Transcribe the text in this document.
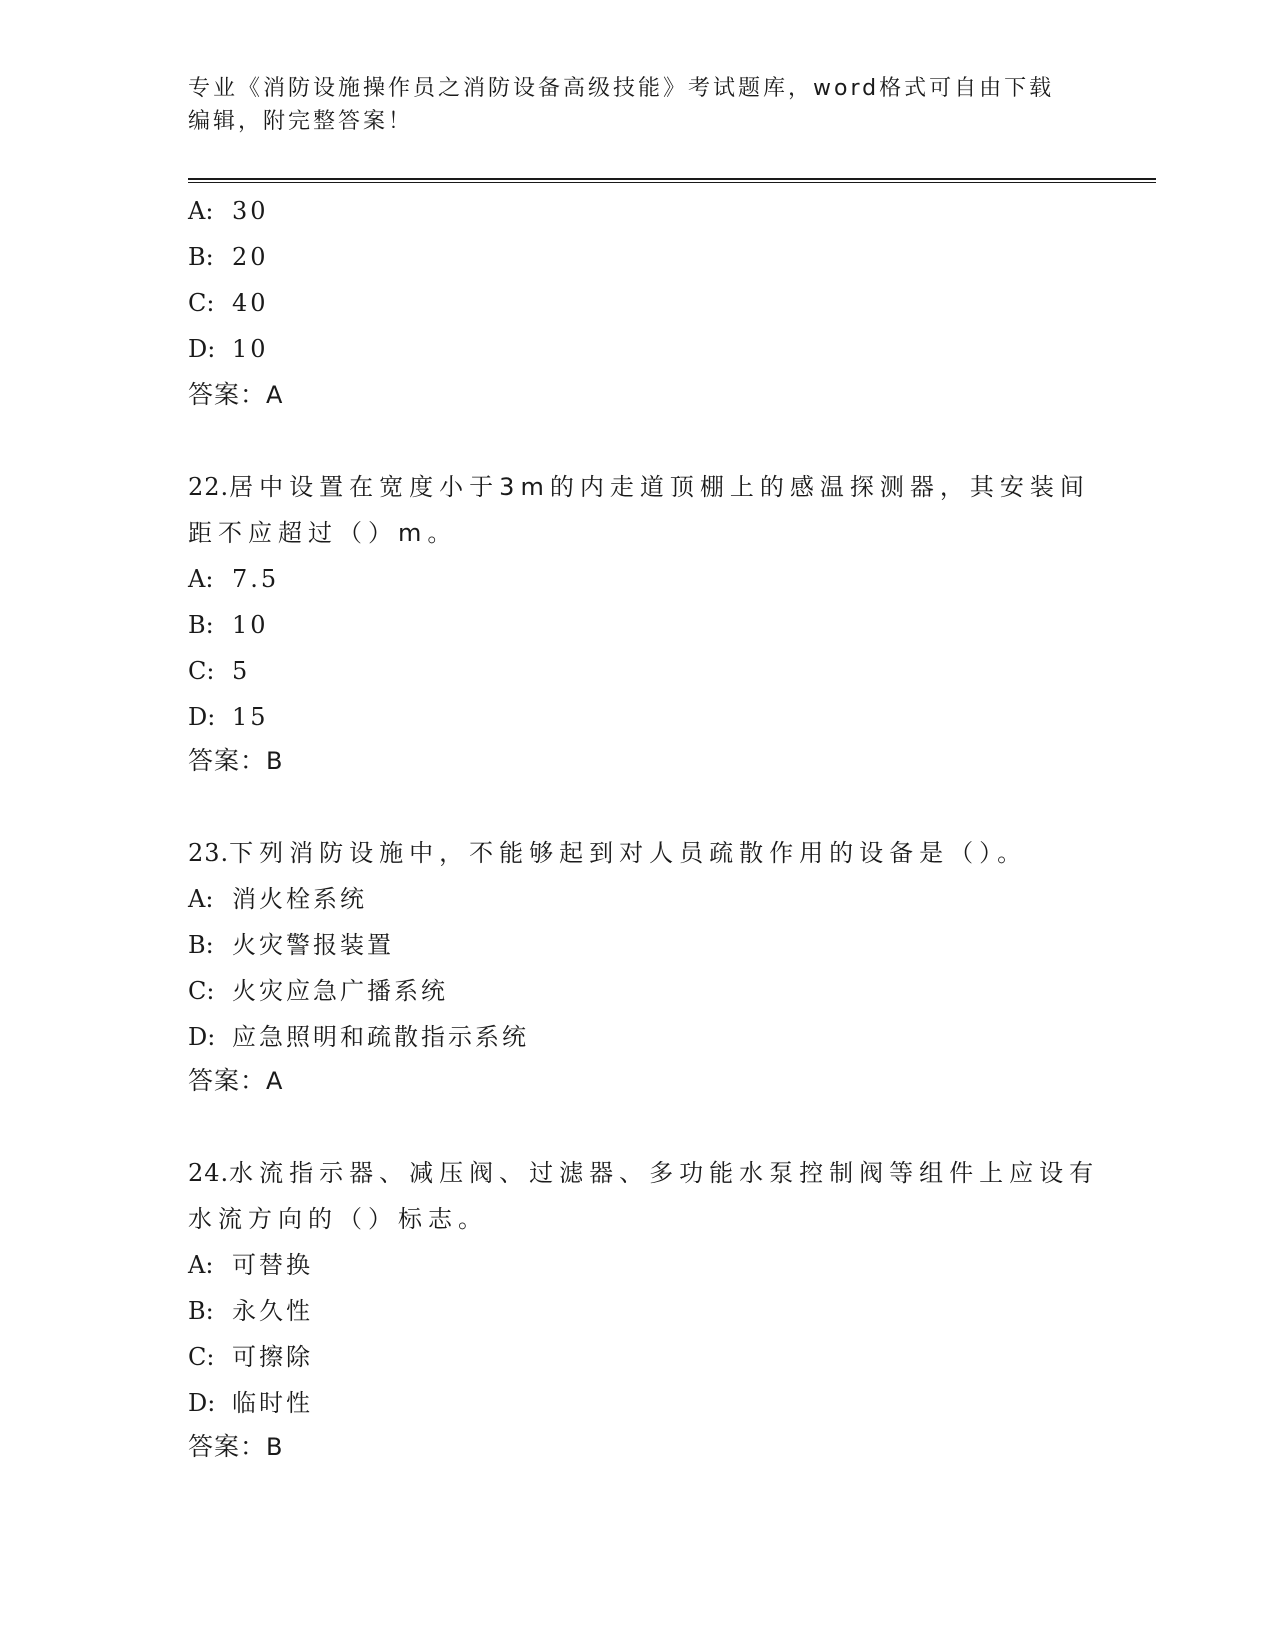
专业《消防设施操作员之消防设备高级技能》考试题库，word格式可自由下载编辑，附完整答案！
A: 30
B: 20
C: 40
D: 10
答案：A
22.居中设置在宽度小于3m的内走道顶棚上的感温探测器，其安装间
距不应超过（）m。
A: 7.5
B: 10
C: 5
D: 15
答案：B
23.下列消防设施中，不能够起到对人员疏散作用的设备是（）。
A: 消火栓系统
B: 火灾警报装置
C: 火灾应急广播系统
D: 应急照明和疏散指示系统
答案：A
24.水流指示器、减压阀、过滤器、多功能水泵控制阀等组件上应设有
水流方向的（）标志。
A: 可替换
B: 永久性
C: 可擦除
D: 临时性
答案：B
